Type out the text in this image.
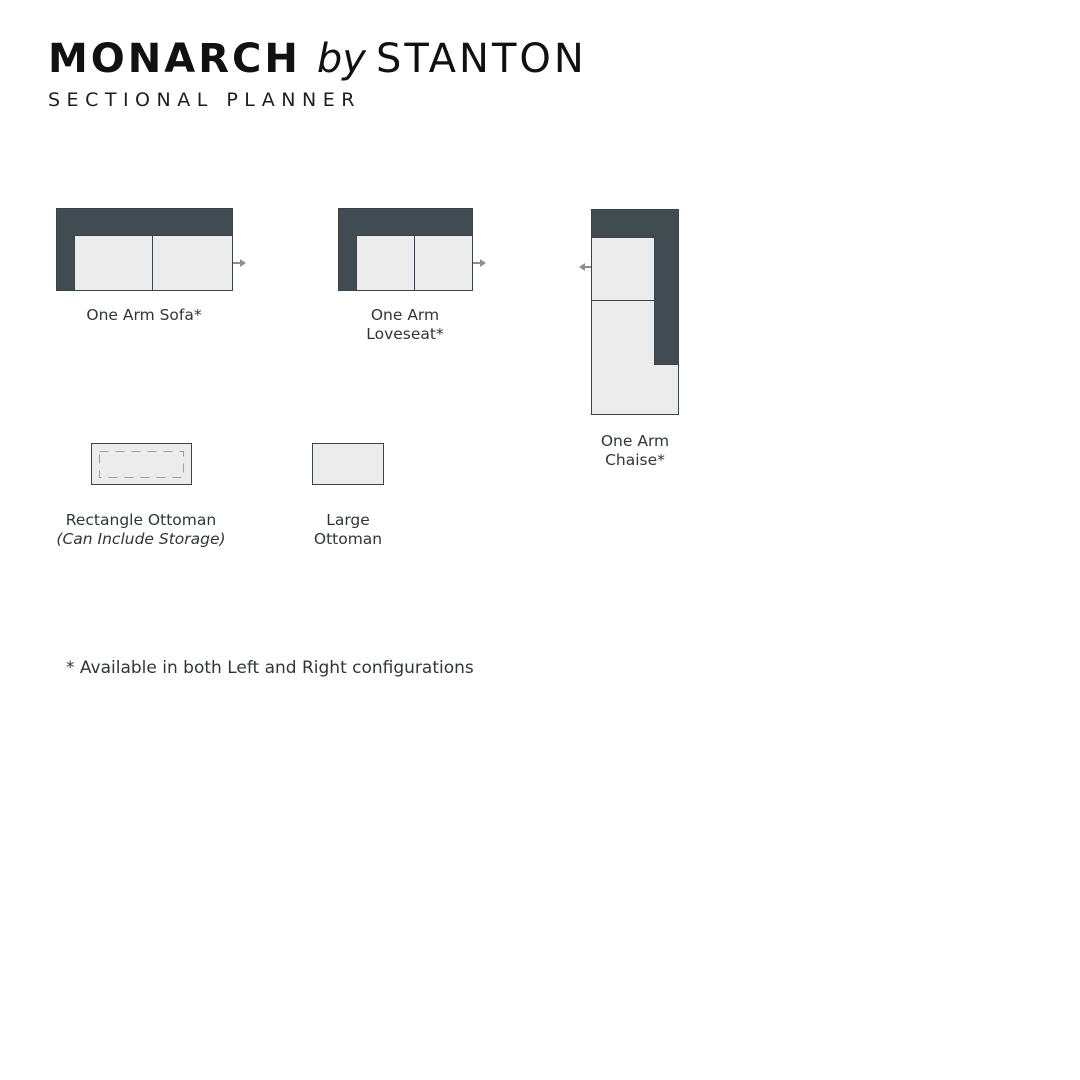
MONARCH by STANTON
SECTIONAL PLANNER
One Arm Sofa*	One Arm
Loveseat*
One Arm
Chaise*
Rectangle Ottoman
(Can Include Storage)
Large
Ottoman
* Available in both Left and Right configurations
